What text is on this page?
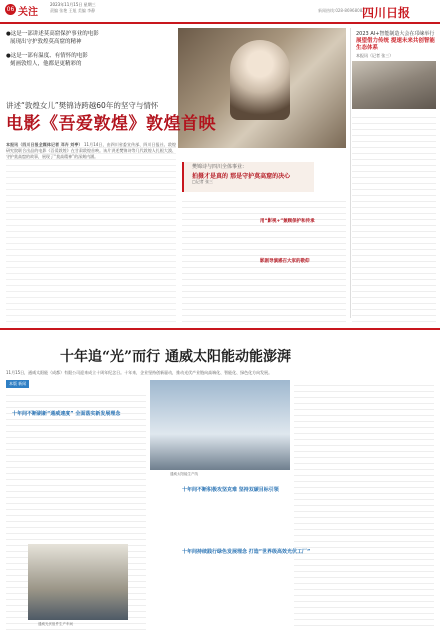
06 关注
2023年11月15日 星期三
责编 张艳 王旭 美编 李静	新闻热线:028-86968082
四川日报
●这是一部讲述莫高窟保护事业的电影
展现出守护敦煌莫高窟的精神
●这是一部有温度、有情怀的电影
刻画敦煌人，他都是更精彩的
讲述“敦煌女儿”樊锦诗跨越60年的坚守与情怀
电影《吾爱敦煌》敦煌首映
本报讯（四川日报全媒体记者 邓卉 刘亭） 11月14日，由四川省委宣传部、四川日报社、敦煌研究院联合出品的电影《吾爱敦煌》在甘肃敦煌首映。该片讲述樊锦诗等几代敦煌人扎根大漠、守护莫高窟的故事，展现了“莫高精神”的深刻内涵。
樊锦诗与四川全体事业：
拍摄才是真的 那是守护莫高窟的决心
□记者 张三
用“影视+”兼顾保护和传承
影剧导演感召大家的敬仰
2023 AI+智能制造大会在邛崃举行
展望借力传统 提速未来共创智能生态体系
本报讯（记者 张三）
十年追“光”而行 通威太阳能动能澎湃
本版 新闻
11月15日，通威太阳能（成都）有限公司迎来成立十周年纪念日。十年来，企业坚持创新驱动，推动光伏产业链向高端化、智能化、绿色化方向发展。
十年间不断刷新“通威速度” 全面落实新发展理念
通威太阳能生产线
十年间不断积极攻坚克难 坚持双碳目标引领
十年间持续践行绿色发展理念 打造“世界级高效光伏工厂”
通威光伏组件生产车间
